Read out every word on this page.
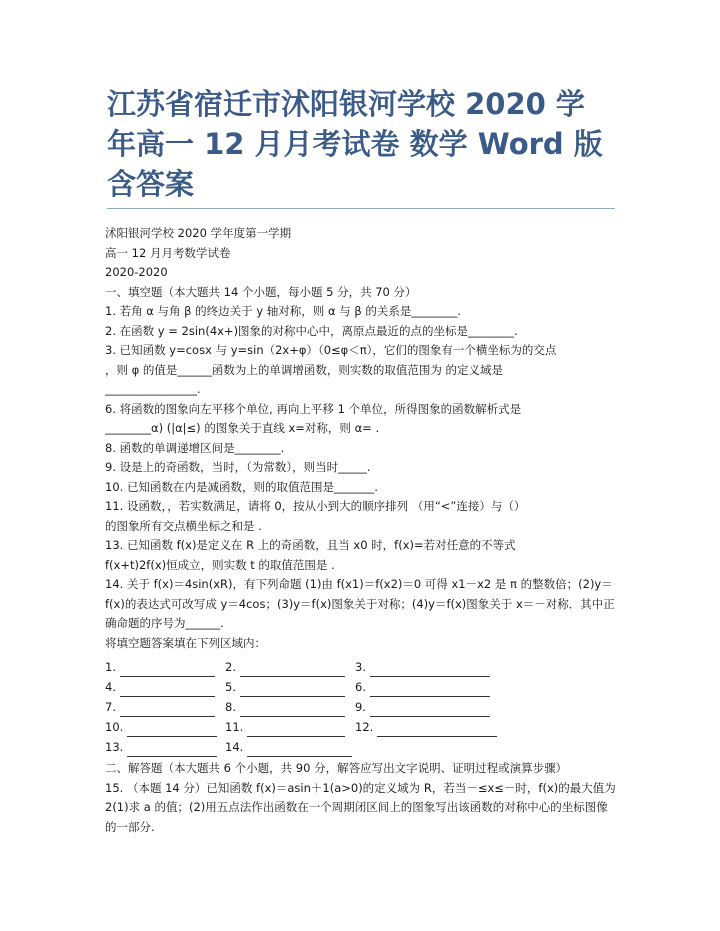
江苏省宿迁市沭阳银河学校 2020 学年高一 12 月月考试卷 数学 Word 版含答案
沭阳银河学校 2020 学年度第一学期
高一 12 月月考数学试卷
2020-2020
一、填空题（本大题共 14 个小题，每小题 5 分，共 70 分）
1. 若角 α 与角 β 的终边关于 y 轴对称，则 α 与 β 的关系是________.
2. 在函数 y = 2sin(4x+)图象的对称中心中，离原点最近的点的坐标是________.
3. 已知函数 y=cosx 与 y=sin（2x+φ）（0≤φ＜π），它们的图象有一个横坐标为的交点
，则 φ 的值是______函数为上的单调增函数，则实数的取值范围为 的定义域是
________________.
6. 将函数的图象向左平移个单位, 再向上平移 1 个单位，所得图象的函数解析式是
________α) (|α|≤) 的图象关于直线 x=对称，则 α= .
8. 函数的单调递增区间是________.
9. 设是上的奇函数，当时，（为常数），则当时_____.
10. 已知函数在内是减函数，则的取值范围是_______.
11. 设函数，，若实数满足，请将 0，按从小到大的顺序排列 （用“<”连接）与（）
的图象所有交点横坐标之和是 .
13. 已知函数 f(x)是定义在 R 上的奇函数，且当 x0 时，f(x)=若对任意的不等式
f(x+t)2f(x)恒成立，则实数 t 的取值范围是 .
14. 关于 f(x)＝4sin(xR)，有下列命题 (1)由 f(x1)＝f(x2)＝0 可得 x1－x2 是 π 的整数倍；(2)y＝f(x)的表达式可改写成 y＝4cos；(3)y＝f(x)图象关于对称；(4)y＝f(x)图象关于 x＝－对称．其中正确命题的序号为______.
将填空题答案填在下列区域内：
1.	2.	3.
4.	5.	6.
7.	8.	9.
10.	11.	12.
13.	14.
二、解答题（本大题共 6 个小题，共 90 分，解答应写出文字说明、证明过程或演算步骤）
15. （本题 14 分）已知函数 f(x)＝asin＋1(a>0)的定义域为 R，若当－≤x≤－时，f(x)的最大值为 2(1)求 a 的值；(2)用五点法作出函数在一个周期闭区间上的图象写出该函数的对称中心的坐标图像的一部分.
